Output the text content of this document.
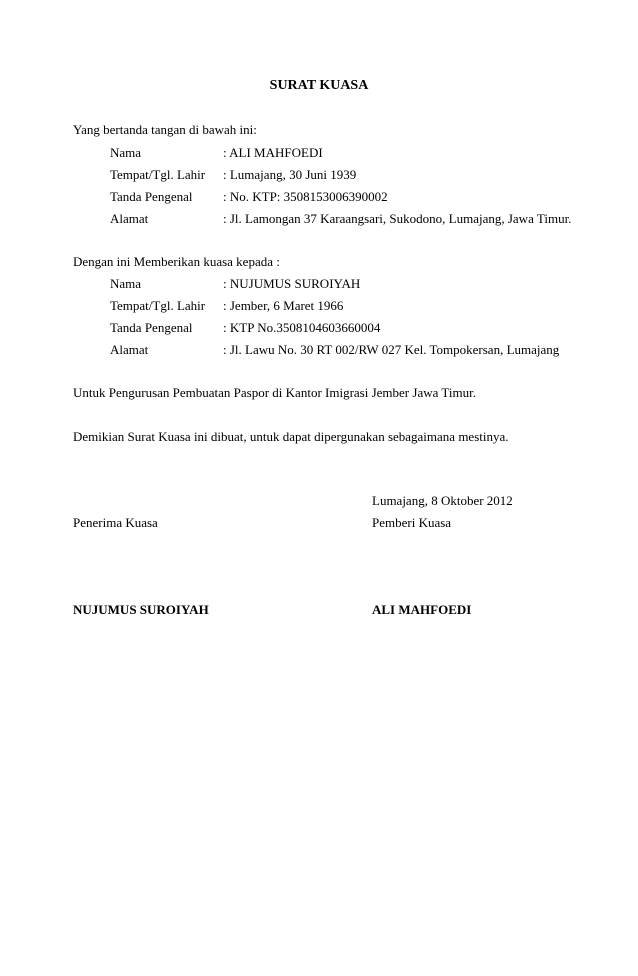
SURAT KUASA
Yang bertanda tangan di bawah ini:
Nama	: ALI MAHFOEDI
Tempat/Tgl. Lahir : Lumajang, 30 Juni 1939
Tanda Pengenal : No. KTP: 3508153006390002
Alamat	: Jl. Lamongan 37 Karaangsari, Sukodono, Lumajang, Jawa Timur.
Dengan ini Memberikan kuasa kepada :
Nama	: NUJUMUS SUROIYAH
Tempat/Tgl. Lahir : Jember, 6 Maret 1966
Tanda Pengenal : KTP No.3508104603660004
Alamat	: Jl. Lawu No. 30 RT 002/RW 027 Kel. Tompokersan, Lumajang
Untuk Pengurusan Pembuatan Paspor di Kantor Imigrasi Jember Jawa Timur.
Demikian Surat Kuasa ini dibuat, untuk dapat dipergunakan sebagaimana mestinya.
Lumajang, 8 Oktober 2012
Penerima Kuasa	Pemberi Kuasa
NUJUMUS SUROIYAH	ALI MAHFOEDI
